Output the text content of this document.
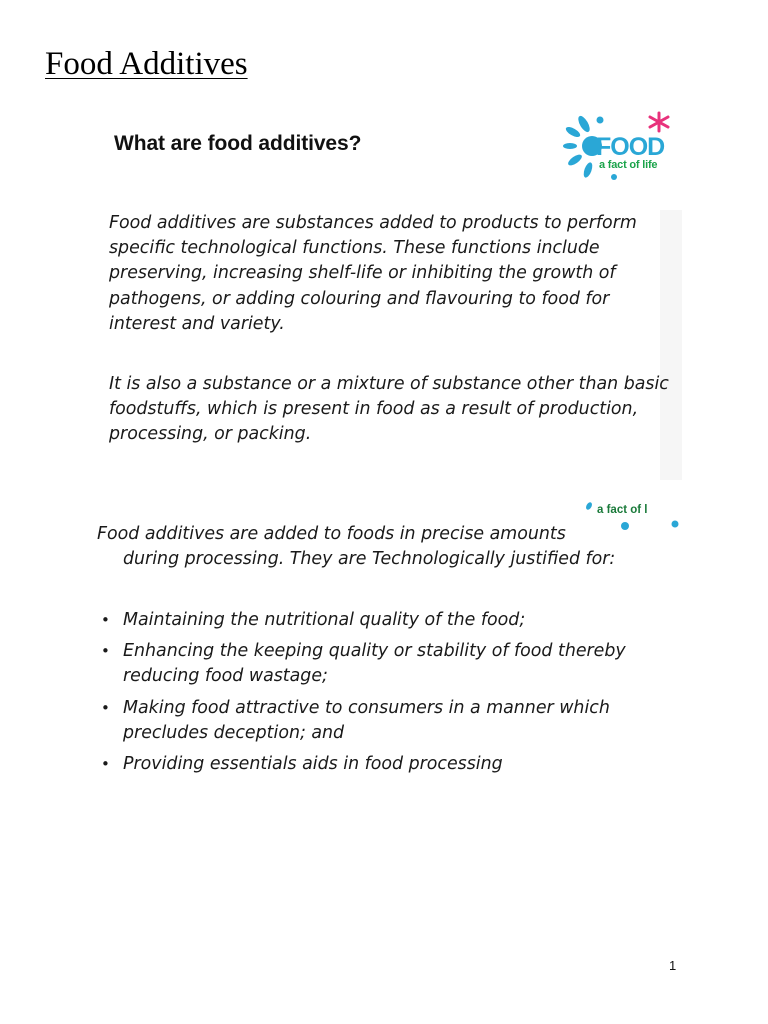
Food Additives
What are food additives?	FOOD
a fact of life

Food additives are substances added to products to perform specific technological functions. These functions include preserving, increasing shelf-life or inhibiting the growth of pathogens, or adding colouring and flavouring to food for interest and variety.

It is also a substance or a mixture of substance other than basic foodstuffs, which is present in food as a result of production, processing, or packing.

a fact of l

Food additives are added to foods in precise amounts
during processing. They are Technologically justified for:

• Maintaining the nutritional quality of the food;
• Enhancing the keeping quality or stability of food thereby reducing food wastage;
• Making food attractive to consumers in a manner which precludes deception; and
• Providing essentials aids in food processing
1
